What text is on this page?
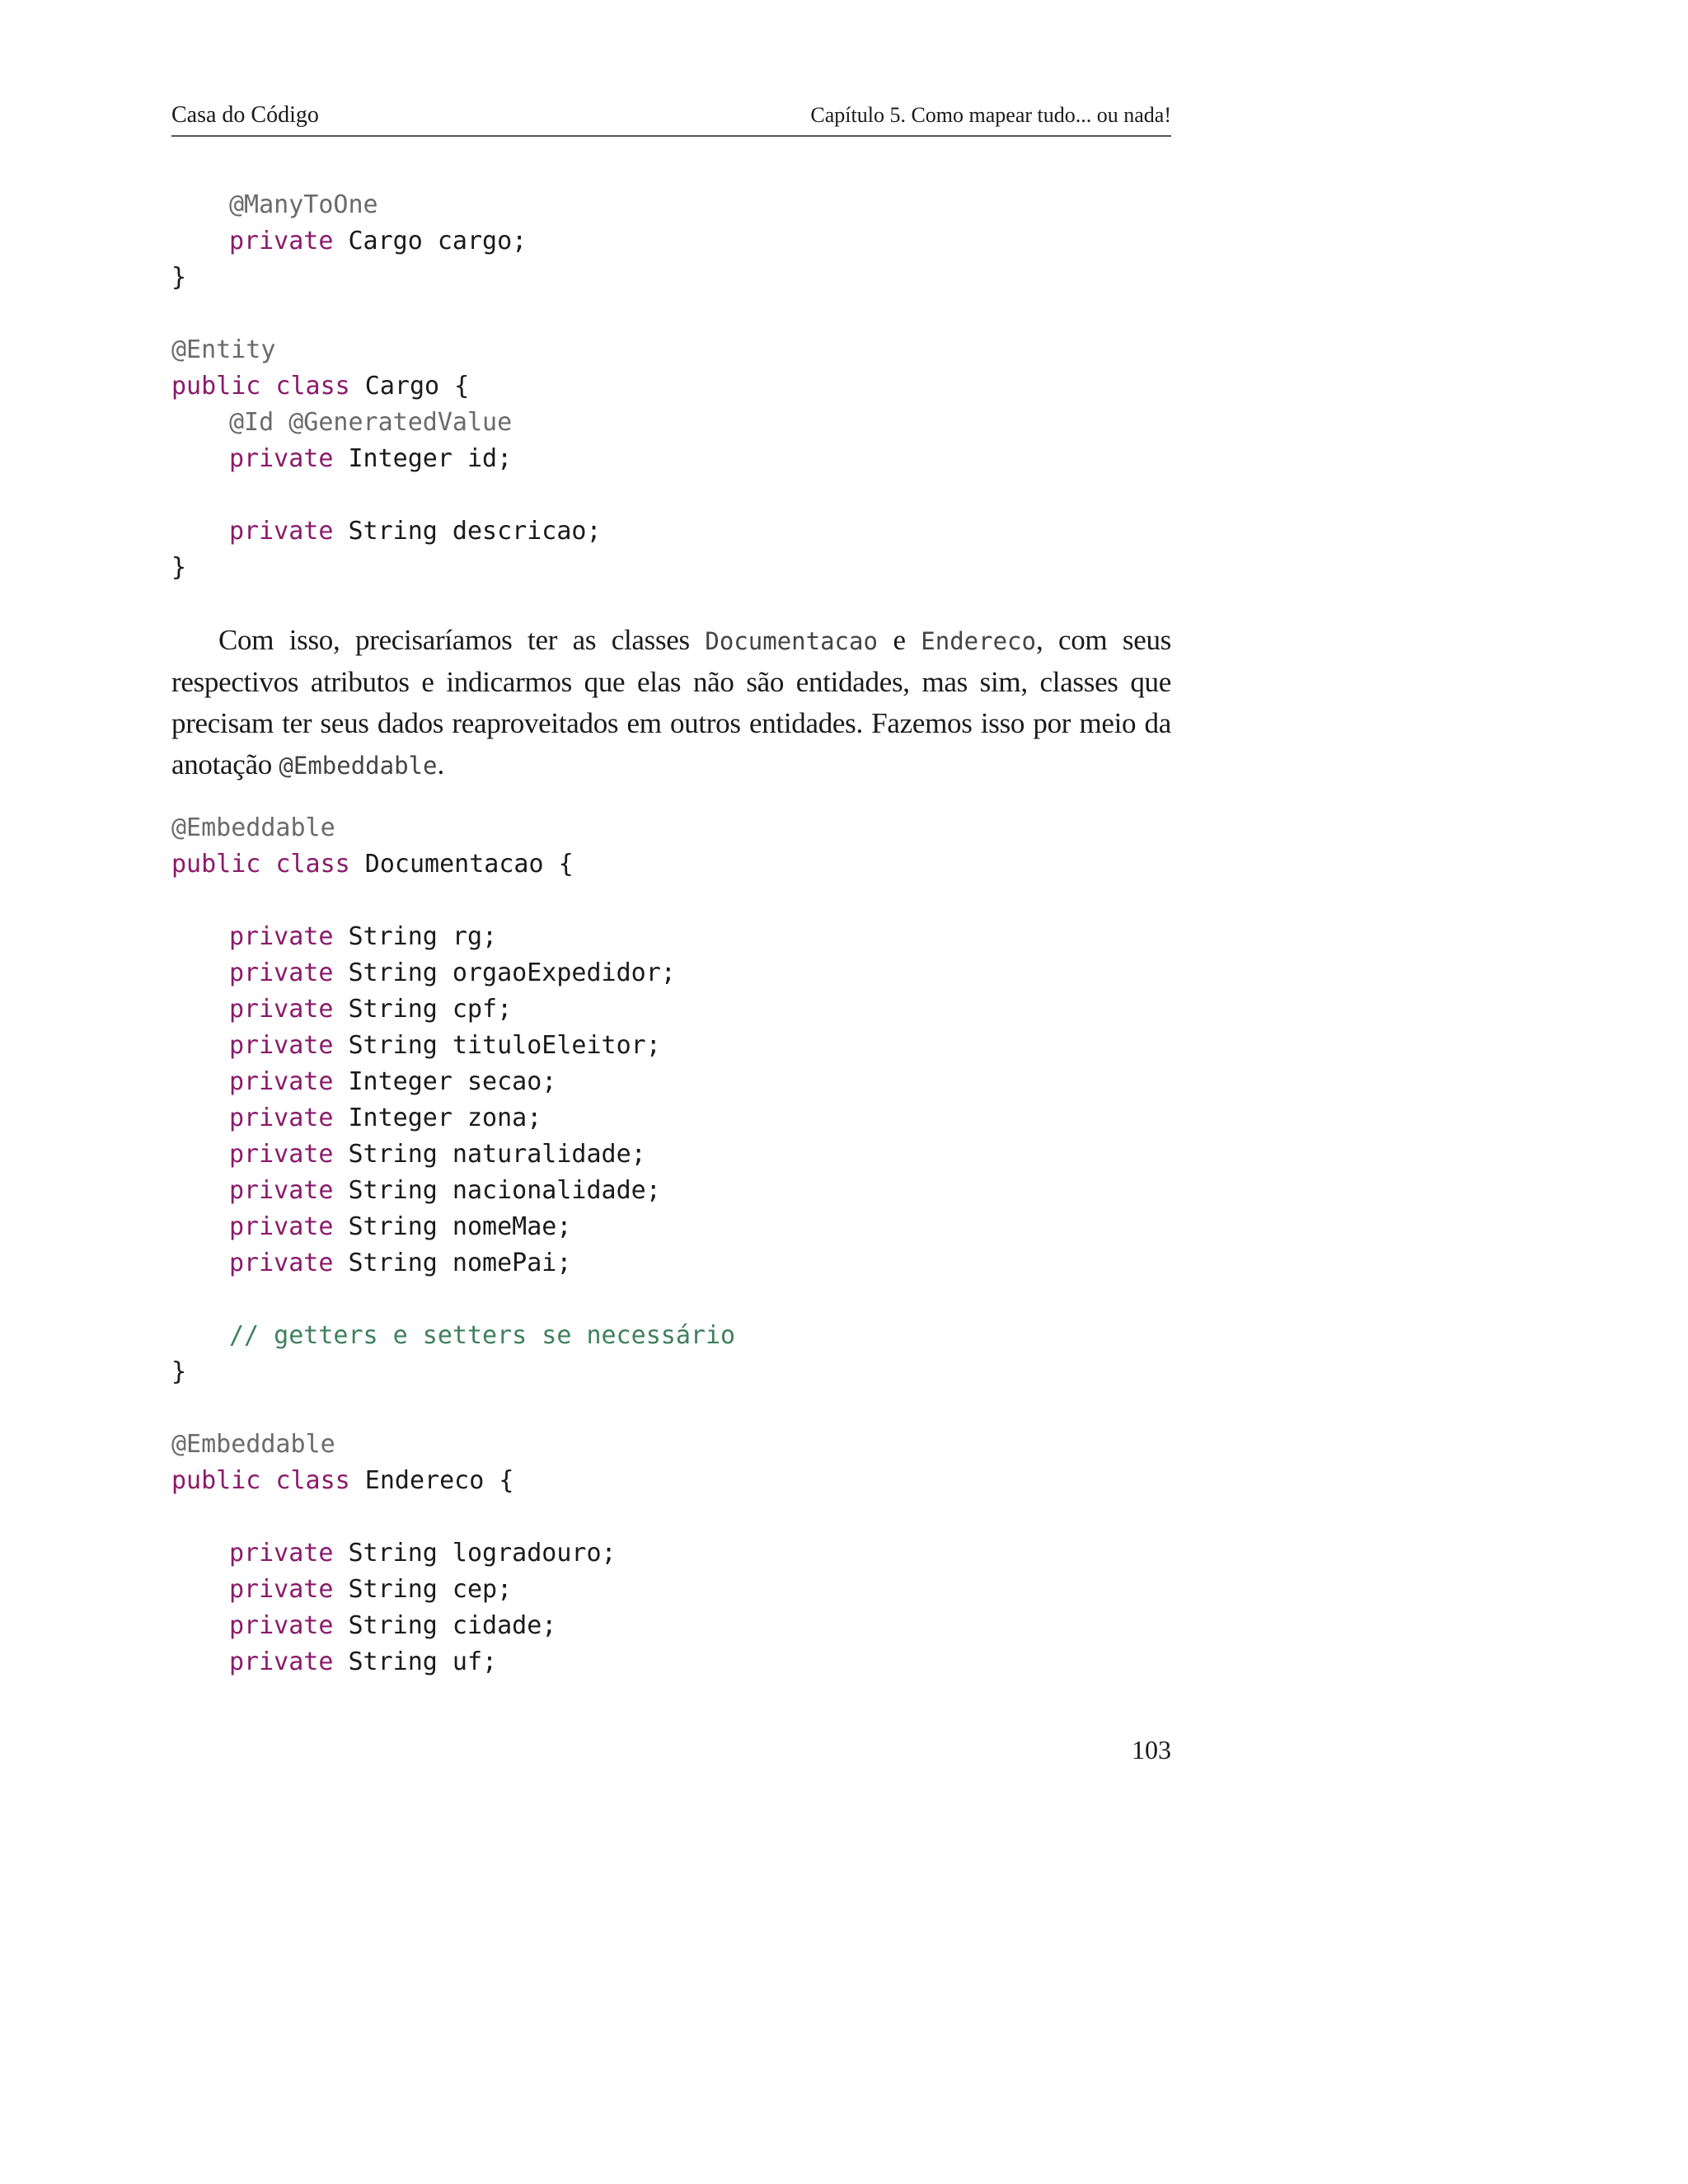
Casa do Código	Capítulo 5. Como mapear tudo... ou nada!
@ManyToOne
private Cargo cargo;
}
@Entity
public class Cargo {
@Id @GeneratedValue
private Integer id;
private String descricao;
}

Com isso, precisaríamos ter as classes Documentacao e Endereco, com seus respectivos atributos e indicarmos que elas não são entidades, mas sim, classes que precisam ter seus dados reaproveitados em outros entidades. Fazemos isso por meio da anotação @Embeddable.

@Embeddable
public class Documentacao {
private String rg;
private String orgaoExpedidor;
private String cpf;
private String tituloEleitor;
private Integer secao;
private Integer zona;
private String naturalidade;
private String nacionalidade;
private String nomeMae;
private String nomePai;
// getters e setters se necessário
}
@Embeddable
public class Endereco {
private String logradouro;
private String cep;
private String cidade;
private String uf;
103
